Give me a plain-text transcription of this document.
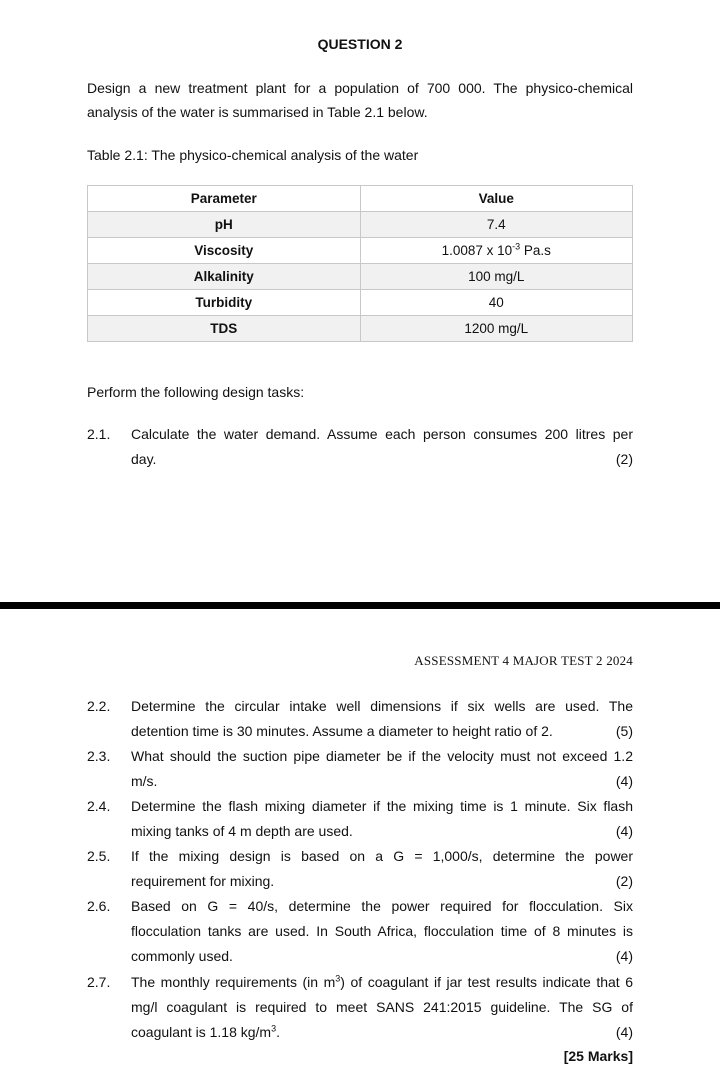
QUESTION 2
Design a new treatment plant for a population of 700 000. The physico-chemical analysis of the water is summarised in Table 2.1 below.
Table 2.1: The physico-chemical analysis of the water
Parameter	Value
pH	7.4
Viscosity	1.0087 x $10^{-3}$ Pa.s
Alkalinity	100 mg/L
Turbidity	40
TDS	1200 mg/L
Perform the following design tasks:
2.1. Calculate the water demand. Assume each person consumes 200 litres per
day.	(2)
ASSESSMENT 4 MAJOR TEST 2 2024
2.2. Determine the circular intake well dimensions if six wells are used. The
detention time is 30 minutes. Assume a diameter to height ratio of 2.	(5)
2.3. What should the suction pipe diameter be if the velocity must not exceed 1.2
m/s.	(4)
2.4. Determine the flash mixing diameter if the mixing time is 1 minute. Six flash
mixing tanks of 4 m depth are used.	(4)
2.5. If the mixing design is based on a G = 1,000/s, determine the power
requirement for mixing.	(2)
2.6. Based on G = 40/s, determine the power required for flocculation. Six
flocculation tanks are used. In South Africa, flocculation time of 8 minutes is
commonly used.	(4)
2.7. The monthly requirements (in $m^3$) of coagulant if jar test results indicate that 6
mg/l coagulant is required to meet SANS 241:2015 guideline. The SG of
coagulant is 1.18 $kg/m^3$.	(4)
[25 Marks]
